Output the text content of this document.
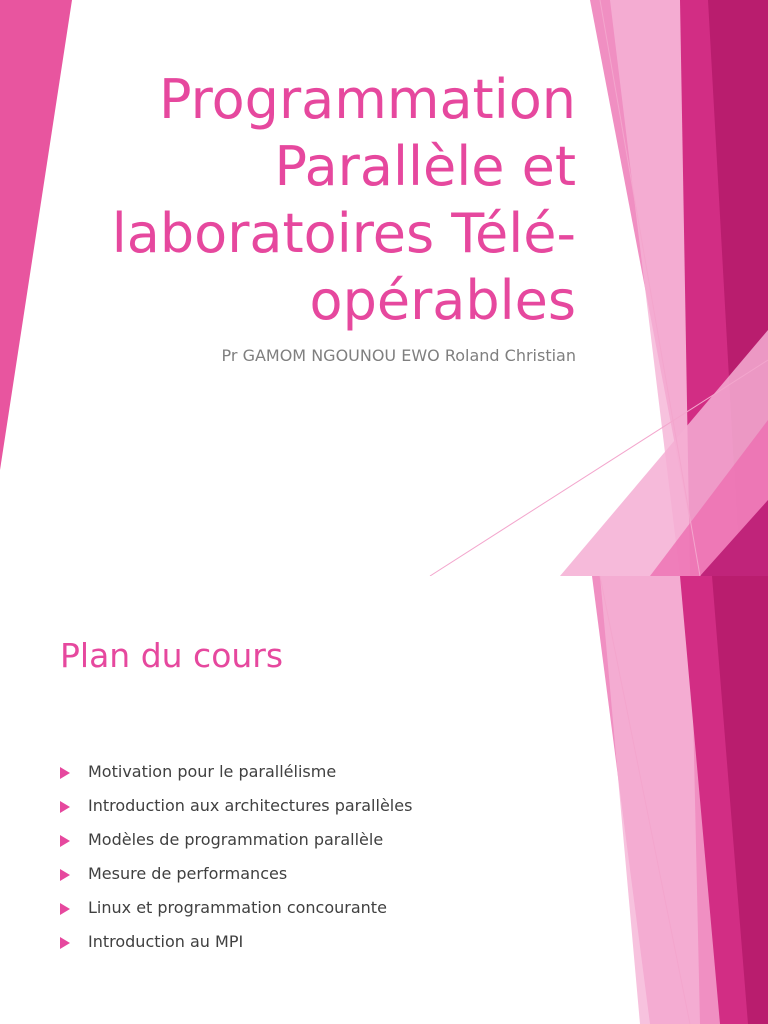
Programmation Parallèle et laboratoires Télé-opérables

Pr GAMOM NGOUNOU EWO Roland Christian

Plan du cours
Motivation pour le parallélisme
Introduction aux architectures parallèles
Modèles de programmation parallèle
Mesure de performances
Linux et programmation concourante
Introduction au MPI
